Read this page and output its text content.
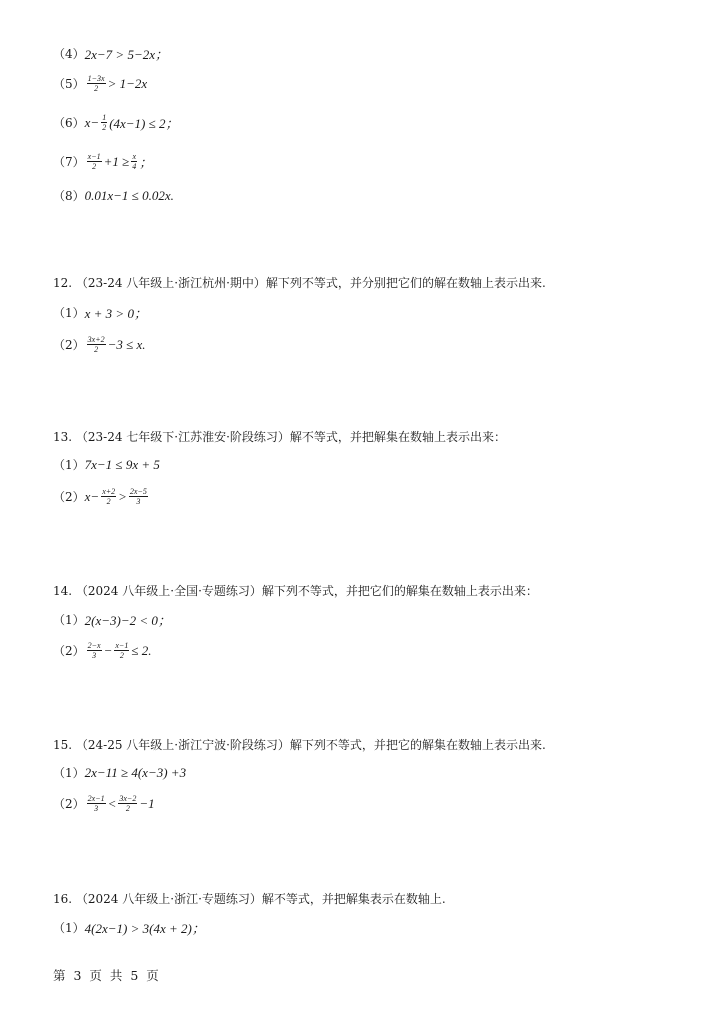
（4） 2x−7 > 5−2x；
$(5) \frac{1-3x}{2} > 1-2x$
（6） $x- \frac{1}{2} (4x-1) \le 2$；
$(7) \frac{x-1}{2} +1 \ge \frac{x}{4}$ ；
（8） 0.01x−1 ≤ 0.02x.
12. （23-24 八年级上·浙江杭州·期中）解下列不等式，并分别把它们的解在数轴上表示出来.
（1） x + 3 > 0；
$(2) \frac{3x+2}{2} -3 \le x$.
13. （23-24 七年级下·江苏淮安·阶段练习）解不等式，并把解集在数轴上表示出来：
（1） 7x−1 ≤ 9x + 5
（2） $x- \frac{x+2}{2} > \frac{2x-5}{3}$
14. （2024 八年级上·全国·专题练习）解下列不等式，并把它们的解集在数轴上表示出来：
（1） 2(x−3)−2 < 0；
$(2) \frac{2-x}{3} - \frac{x-1}{2} \le 2$.
15. （24-25 八年级上·浙江宁波·阶段练习）解下列不等式，并把它的解集在数轴上表示出来.
（1） 2x−11 ≥ 4(x−3) +3
$(2) \frac{2x-1}{3} < \frac{3x-2}{2} -1$
16. （2024 八年级上·浙江·专题练习）解不等式，并把解集表示在数轴上.
（1） 4(2x−1) > 3(4x + 2)；
第 3 页 共 5 页
